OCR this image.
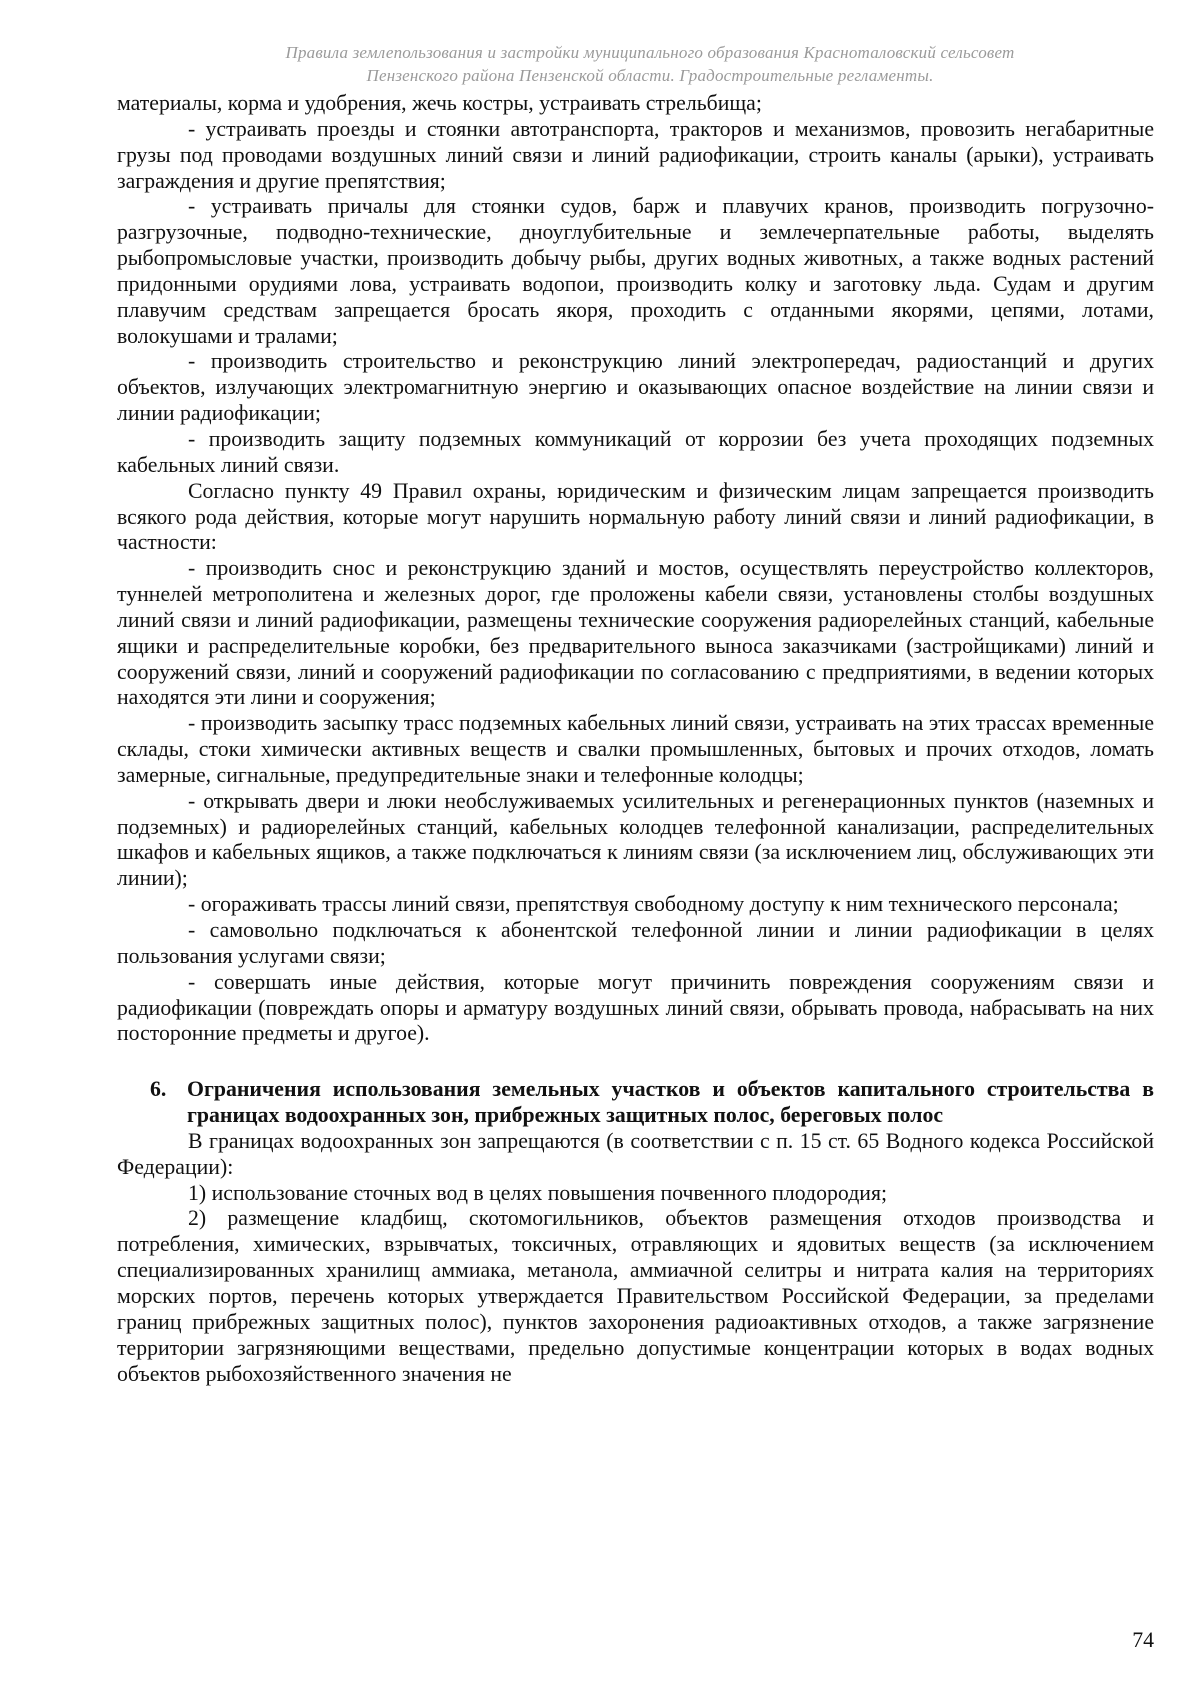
Правила землепользования и застройки муниципального образования Красноталовский сельсовет
Пензенского района Пензенской области. Градостроительные регламенты.

материалы, корма и удобрения, жечь костры, устраивать стрельбища;

- устраивать проезды и стоянки автотранспорта, тракторов и механизмов, провозить негабаритные грузы под проводами воздушных линий связи и линий радиофикации, строить каналы (арыки), устраивать заграждения и другие препятствия;

- устраивать причалы для стоянки судов, барж и плавучих кранов, производить погрузочно-разгрузочные, подводно-технические, дноуглубительные и землечерпательные работы, выделять рыбопромысловые участки, производить добычу рыбы, других водных животных, а также водных растений придонными орудиями лова, устраивать водопои, производить колку и заготовку льда. Судам и другим плавучим средствам запрещается бросать якоря, проходить с отданными якорями, цепями, лотами, волокушами и тралами;

- производить строительство и реконструкцию линий электропередач, радиостанций и других объектов, излучающих электромагнитную энергию и оказывающих опасное воздействие на линии связи и линии радиофикации;

- производить защиту подземных коммуникаций от коррозии без учета проходящих подземных кабельных линий связи.

Согласно пункту 49 Правил охраны, юридическим и физическим лицам запрещается производить всякого рода действия, которые могут нарушить нормальную работу линий связи и линий радиофикации, в частности:

- производить снос и реконструкцию зданий и мостов, осуществлять переустройство коллекторов, туннелей метрополитена и железных дорог, где проложены кабели связи, установлены столбы воздушных линий связи и линий радиофикации, размещены технические сооружения радиорелейных станций, кабельные ящики и распределительные коробки, без предварительного выноса заказчиками (застройщиками) линий и сооружений связи, линий и сооружений радиофикации по согласованию с предприятиями, в ведении которых находятся эти лини и сооружения;

- производить засыпку трасс подземных кабельных линий связи, устраивать на этих трассах временные склады, стоки химически активных веществ и свалки промышленных, бытовых и прочих отходов, ломать замерные, сигнальные, предупредительные знаки и телефонные колодцы;

- открывать двери и люки необслуживаемых усилительных и регенерационных пунктов (наземных и подземных) и радиорелейных станций, кабельных колодцев телефонной канализации, распределительных шкафов и кабельных ящиков, а также подключаться к линиям связи (за исключением лиц, обслуживающих эти линии);

- огораживать трассы линий связи, препятствуя свободному доступу к ним технического персонала;

- самовольно подключаться к абонентской телефонной линии и линии радиофикации в целях пользования услугами связи;

- совершать иные действия, которые могут причинить повреждения сооружениям связи и радиофикации (повреждать опоры и арматуру воздушных линий связи, обрывать провода, набрасывать на них посторонние предметы и другое).

6. Ограничения использования земельных участков и объектов капитального строительства в границах водоохранных зон, прибрежных защитных полос, береговых полос

В границах водоохранных зон запрещаются (в соответствии с п. 15 ст. 65 Водного кодекса Российской Федерации):

1) использование сточных вод в целях повышения почвенного плодородия;

2) размещение кладбищ, скотомогильников, объектов размещения отходов производства и потребления, химических, взрывчатых, токсичных, отравляющих и ядовитых веществ (за исключением специализированных хранилищ аммиака, метанола, аммиачной селитры и нитрата калия на территориях морских портов, перечень которых утверждается Правительством Российской Федерации, за пределами границ прибрежных защитных полос), пунктов захоронения радиоактивных отходов, а также загрязнение территории загрязняющими веществами, предельно допустимые концентрации которых в водах водных объектов рыбохозяйственного значения не

74
